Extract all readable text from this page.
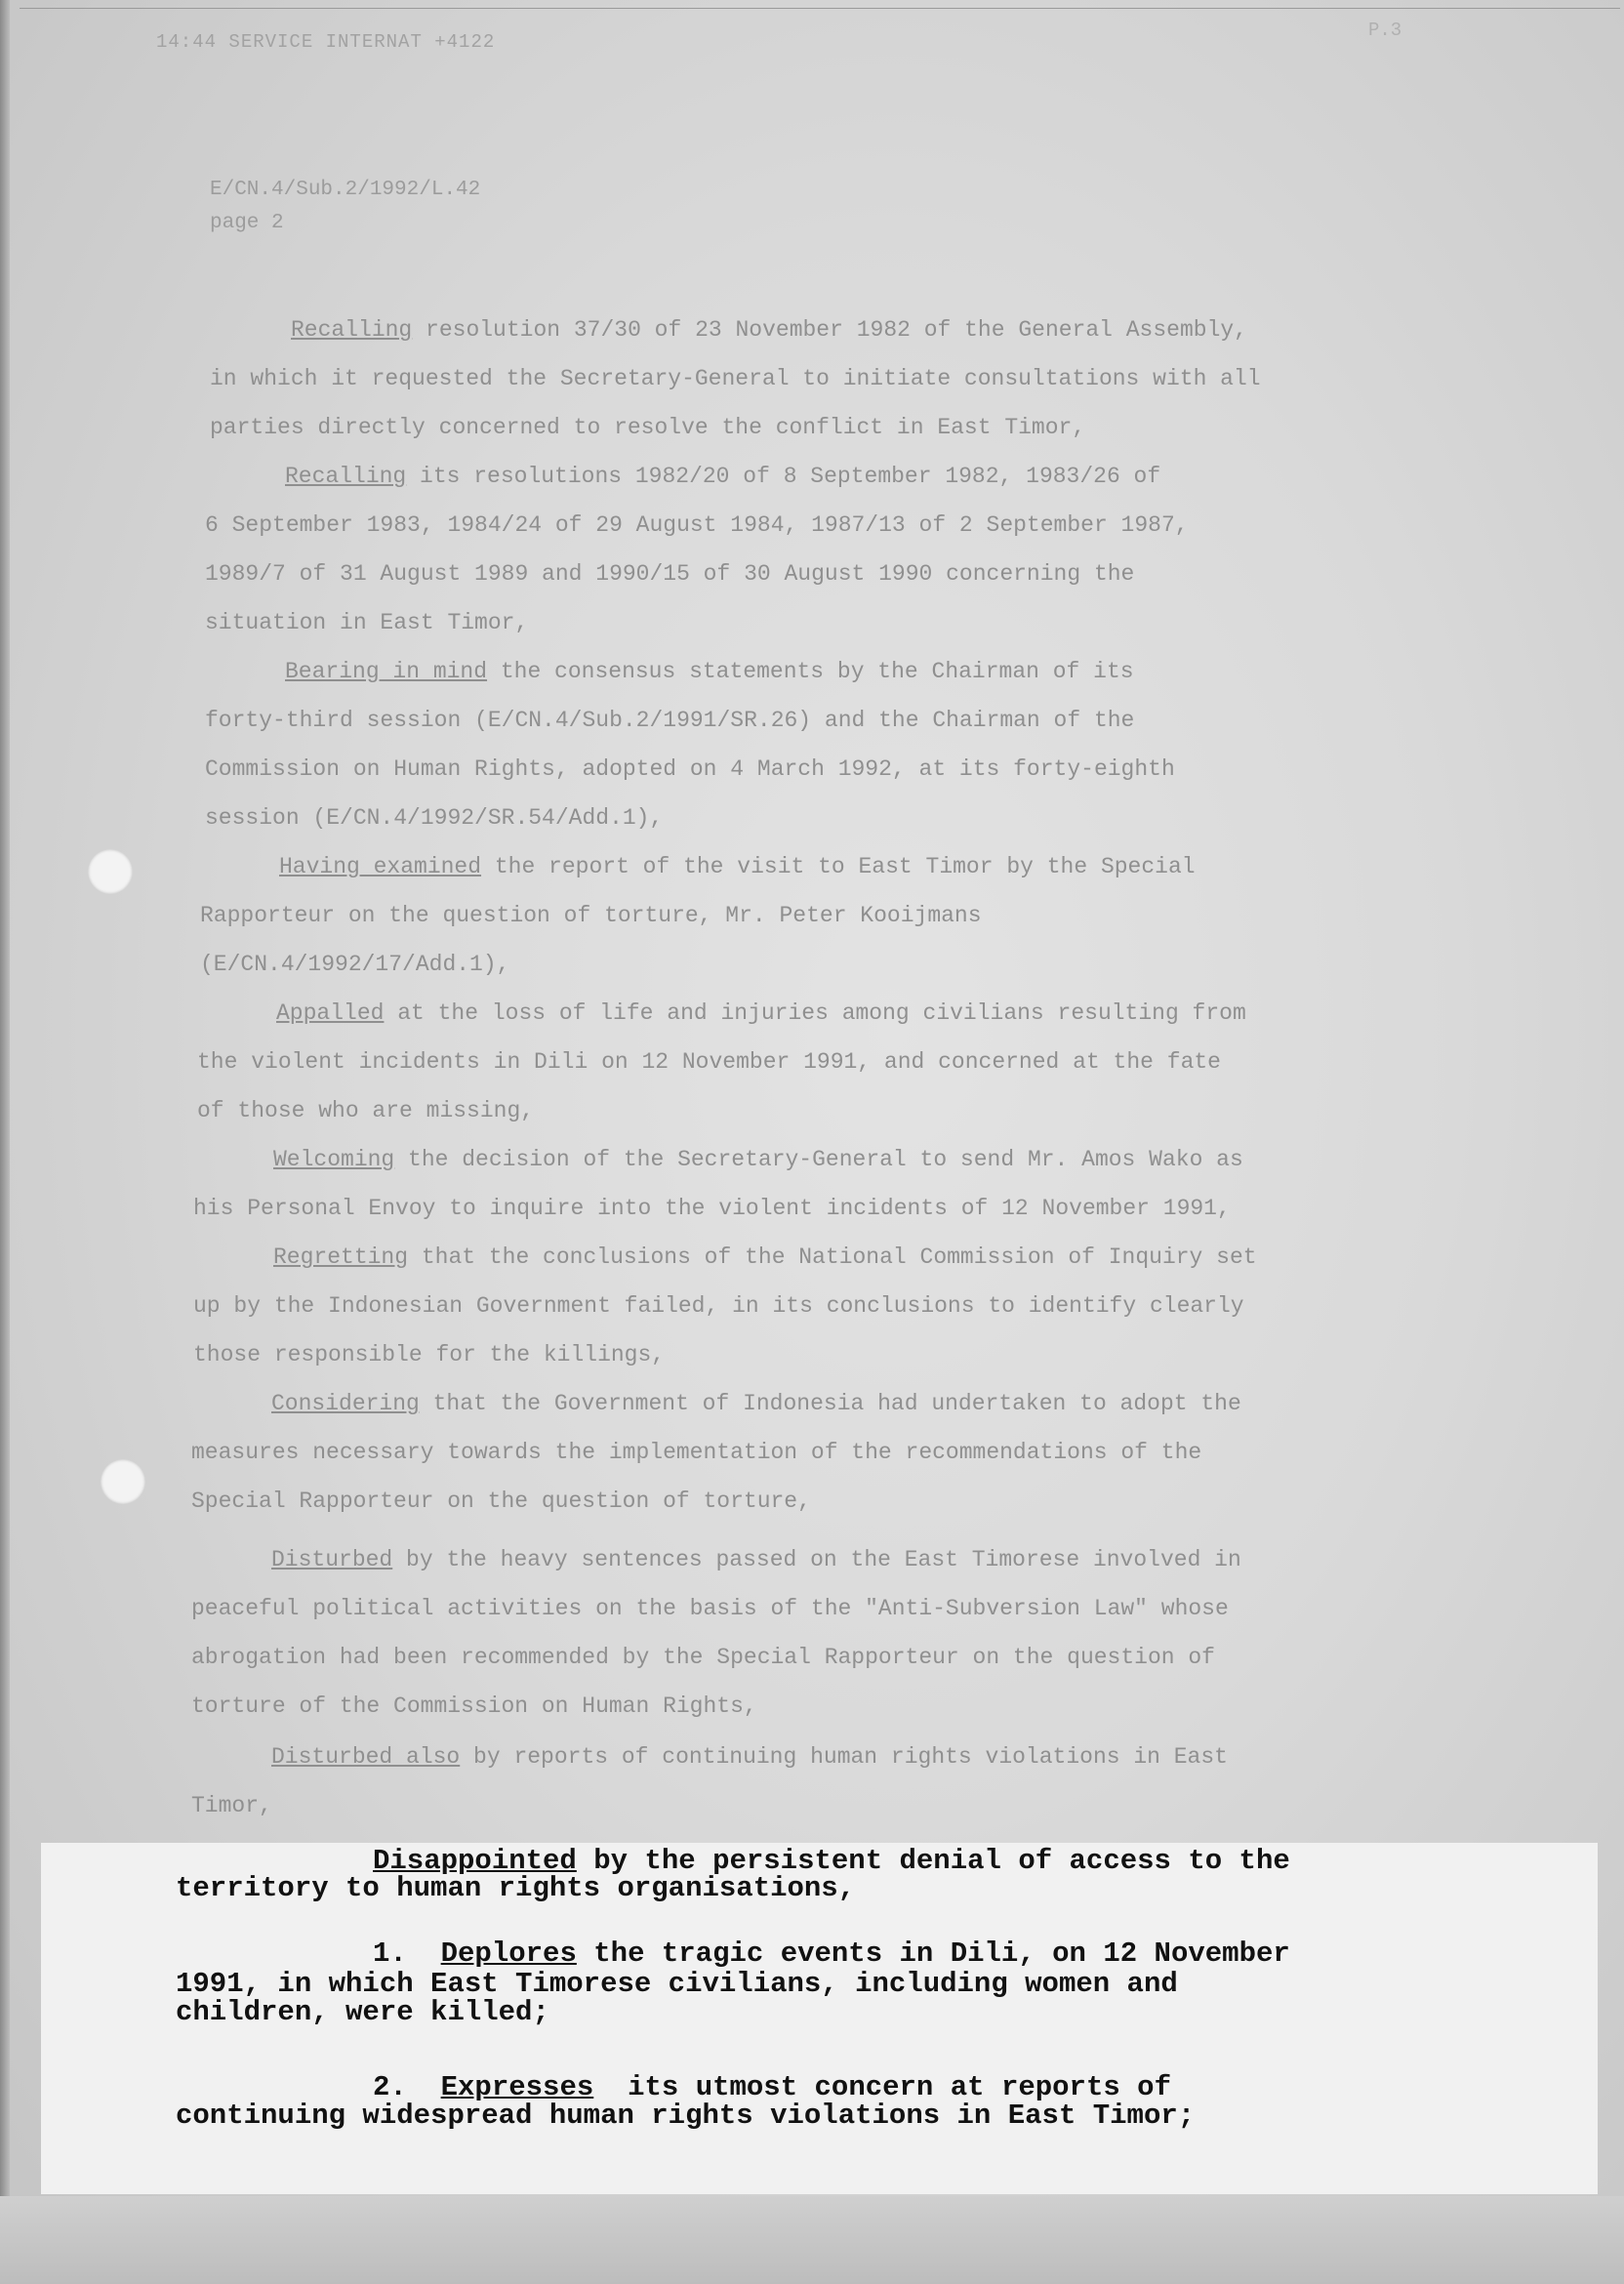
14:44 SERVICE INTERNAT +4122
P.3
E/CN.4/Sub.2/1992/L.42
page 2
Recalling resolution 37/30 of 23 November 1982 of the General Assembly,
in which it requested the Secretary-General to initiate consultations with all
parties directly concerned to resolve the conflict in East Timor,
Recalling its resolutions 1982/20 of 8 September 1982, 1983/26 of
6 September 1983, 1984/24 of 29 August 1984, 1987/13 of 2 September 1987,
1989/7 of 31 August 1989 and 1990/15 of 30 August 1990 concerning the
situation in East Timor,
Bearing in mind the consensus statements by the Chairman of its
forty-third session (E/CN.4/Sub.2/1991/SR.26) and the Chairman of the
Commission on Human Rights, adopted on 4 March 1992, at its forty-eighth
session (E/CN.4/1992/SR.54/Add.1),
Having examined the report of the visit to East Timor by the Special
Rapporteur on the question of torture, Mr. Peter Kooijmans
(E/CN.4/1992/17/Add.1),
Appalled at the loss of life and injuries among civilians resulting from
the violent incidents in Dili on 12 November 1991, and concerned at the fate
of those who are missing,
Welcoming the decision of the Secretary-General to send Mr. Amos Wako as
his Personal Envoy to inquire into the violent incidents of 12 November 1991,
Regretting that the conclusions of the National Commission of Inquiry set
up by the Indonesian Government failed, in its conclusions to identify clearly
those responsible for the killings,
Considering that the Government of Indonesia had undertaken to adopt the
measures necessary towards the implementation of the recommendations of the
Special Rapporteur on the question of torture,
Disturbed by the heavy sentences passed on the East Timorese involved in
peaceful political activities on the basis of the "Anti-Subversion Law" whose
abrogation had been recommended by the Special Rapporteur on the question of
torture of the Commission on Human Rights,
Disturbed also by reports of continuing human rights violations in East
Timor,
Disappointed by the persistent denial of access to the
territory to human rights organisations,
1. Deplores the tragic events in Dili, on 12 November
1991, in which East Timorese civilians, including women and
children, were killed;
2. Expresses its utmost concern at reports of
continuing widespread human rights violations in East Timor;
